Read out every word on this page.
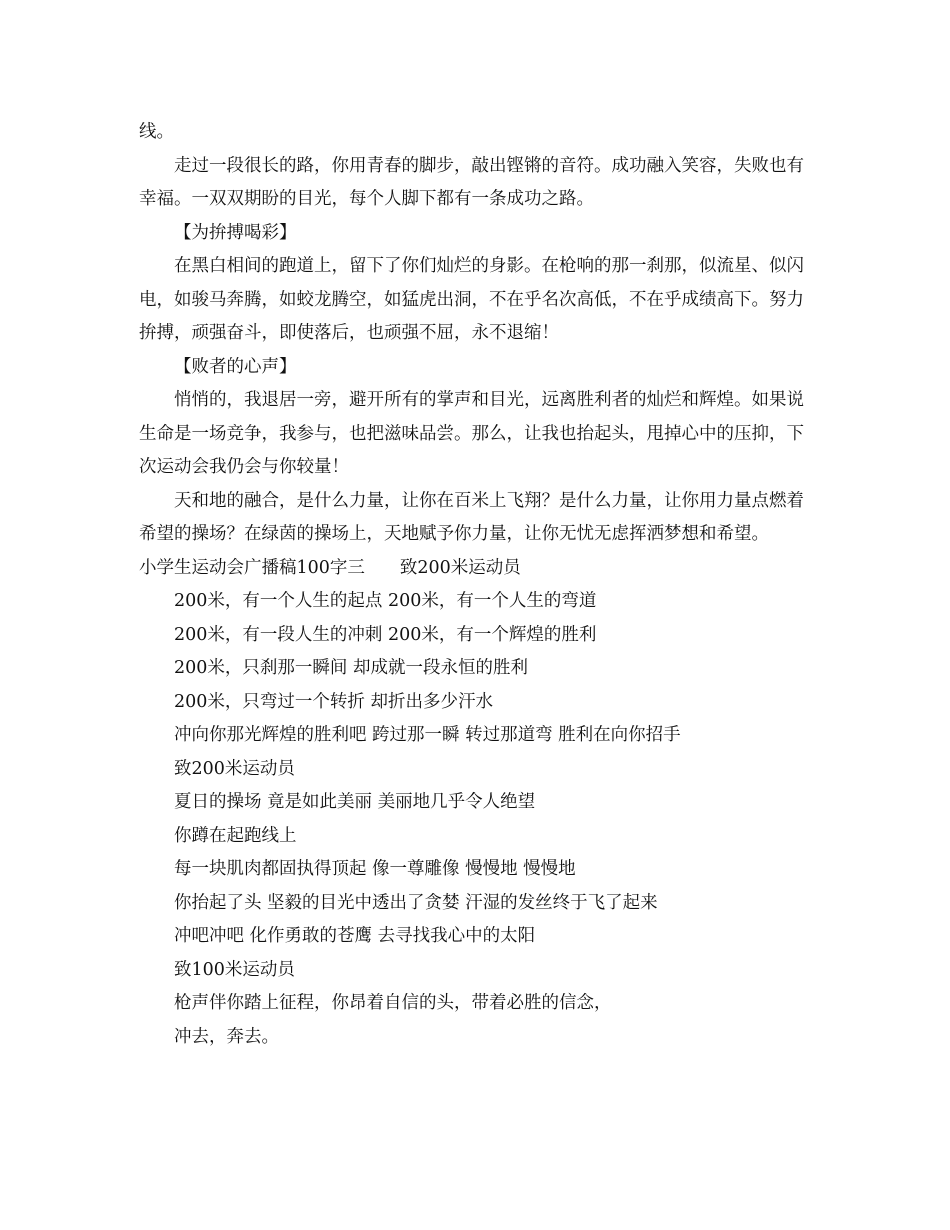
线。

走过一段很长的路，你用青春的脚步，敲出铿锵的音符。成功融入笑容，失败也有幸福。一双双期盼的目光，每个人脚下都有一条成功之路。

【为拚搏喝彩】

在黑白相间的跑道上，留下了你们灿烂的身影。在枪响的那一刹那，似流星、似闪电，如骏马奔腾，如蛟龙腾空，如猛虎出洞，不在乎名次高低，不在乎成绩高下。努力拚搏，顽强奋斗，即使落后，也顽强不屈，永不退缩！

【败者的心声】

悄悄的，我退居一旁，避开所有的掌声和目光，远离胜利者的灿烂和辉煌。如果说生命是一场竞争，我参与，也把滋味品尝。那么，让我也抬起头，甩掉心中的压抑，下次运动会我仍会与你较量！

天和地的融合，是什么力量，让你在百米上飞翔？是什么力量，让你用力量点燃着希望的操场？在绿茵的操场上，天地赋予你力量，让你无忧无虑挥洒梦想和希望。

小学生运动会广播稿100字三　　致200米运动员

200米，有一个人生的起点 200米，有一个人生的弯道

200米，有一段人生的冲刺 200米，有一个辉煌的胜利

200米，只刹那一瞬间 却成就一段永恒的胜利

200米，只弯过一个转折 却折出多少汗水

冲向你那光辉煌的胜利吧 跨过那一瞬 转过那道弯 胜利在向你招手

致200米运动员

夏日的操场 竟是如此美丽 美丽地几乎令人绝望

你蹲在起跑线上

每一块肌肉都固执得顶起 像一尊雕像 慢慢地 慢慢地

你抬起了头 坚毅的目光中透出了贪婪 汗湿的发丝终于飞了起来

冲吧冲吧 化作勇敢的苍鹰 去寻找我心中的太阳

致100米运动员

枪声伴你踏上征程，你昂着自信的头，带着必胜的信念，

冲去，奔去。
